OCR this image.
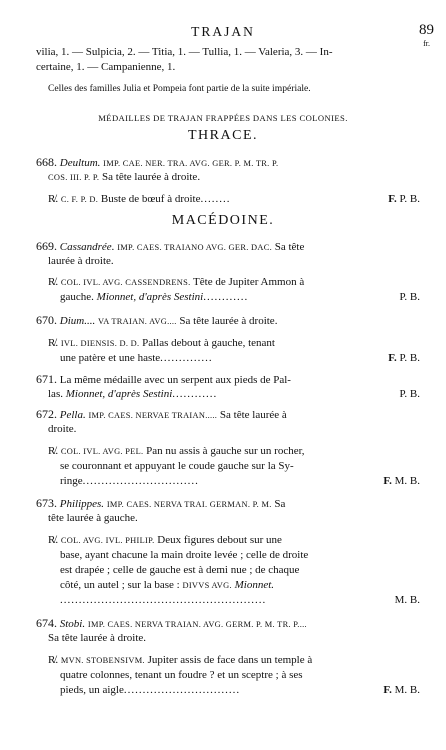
TRAJAN	89
fr.
vilia, 1. — Sulpicia, 2. — Titia, 1. — Tullia, 1. — Valeria, 3. — In-
certaine, 1. — Campanienne, 1.
Celles des familles Julia et Pompeia font partie de la suite impériale.
MÉDAILLES DE TRAJAN FRAPPÉES DANS LES COLONIES.
THRACE.
668. Deultum. IMP. CAE. NER. TRA. AVG. GER. P. M. TR. P.
COS. III. P. P. Sa tête laurée à droite.
R̸. C. F. P. D. Buste de bœuf à droite........	F. P. B.
MACÉDOINE.
669. Cassandrée. IMP. CAES. TRAIANO AVG. GER. DAC. Sa tête
laurée à droite.
R̸. COL. IVL. AVG. CASSENDRENS. Tête de Jupiter Ammon à
gauche. Mionnet, d'après Sestini............	P. B.
670. Dium.... VA TRAIAN. AVG.... Sa tête laurée à droite.
R̸. IVL. DIENSIS. D. D. Pallas debout à gauche, tenant
une patère et une haste..............	F. P. B.
671. La même médaille avec un serpent aux pieds de Pal-
las. Mionnet, d'après Sestini............	P. B.
672. Pella. IMP. CAES. NERVAE TRAIAN..... Sa tête laurée à
droite.
R̸. COL. IVL. AVG. PEL. Pan nu assis à gauche sur un rocher,
se couronnant et appuyant le coude gauche sur la Sy-
ringe...............................	F. M. B.
673. Philippes. IMP. CAES. NERVA TRAI. GERMAN. P. M. Sa
tête laurée à gauche.
R̸. COL. AVG. IVL. PHILIP. Deux figures debout sur une
base, ayant chacune la main droite levée ; celle de droite
est drapée ; celle de gauche est à demi nue ; de chaque
côté, un autel ; sur la base : DIVVS AVG. Mionnet.
.......................................................	M. B.
674. Stobi. IMP. CAES. NERVA TRAIAN. AVG. GERM. P. M. TR. P....
Sa tête laurée à droite.
R̸. MVN. STOBENSIVM. Jupiter assis de face dans un temple à
quatre colonnes, tenant un foudre ? et un sceptre ; à ses
pieds, un aigle...............................	F. M. B.
